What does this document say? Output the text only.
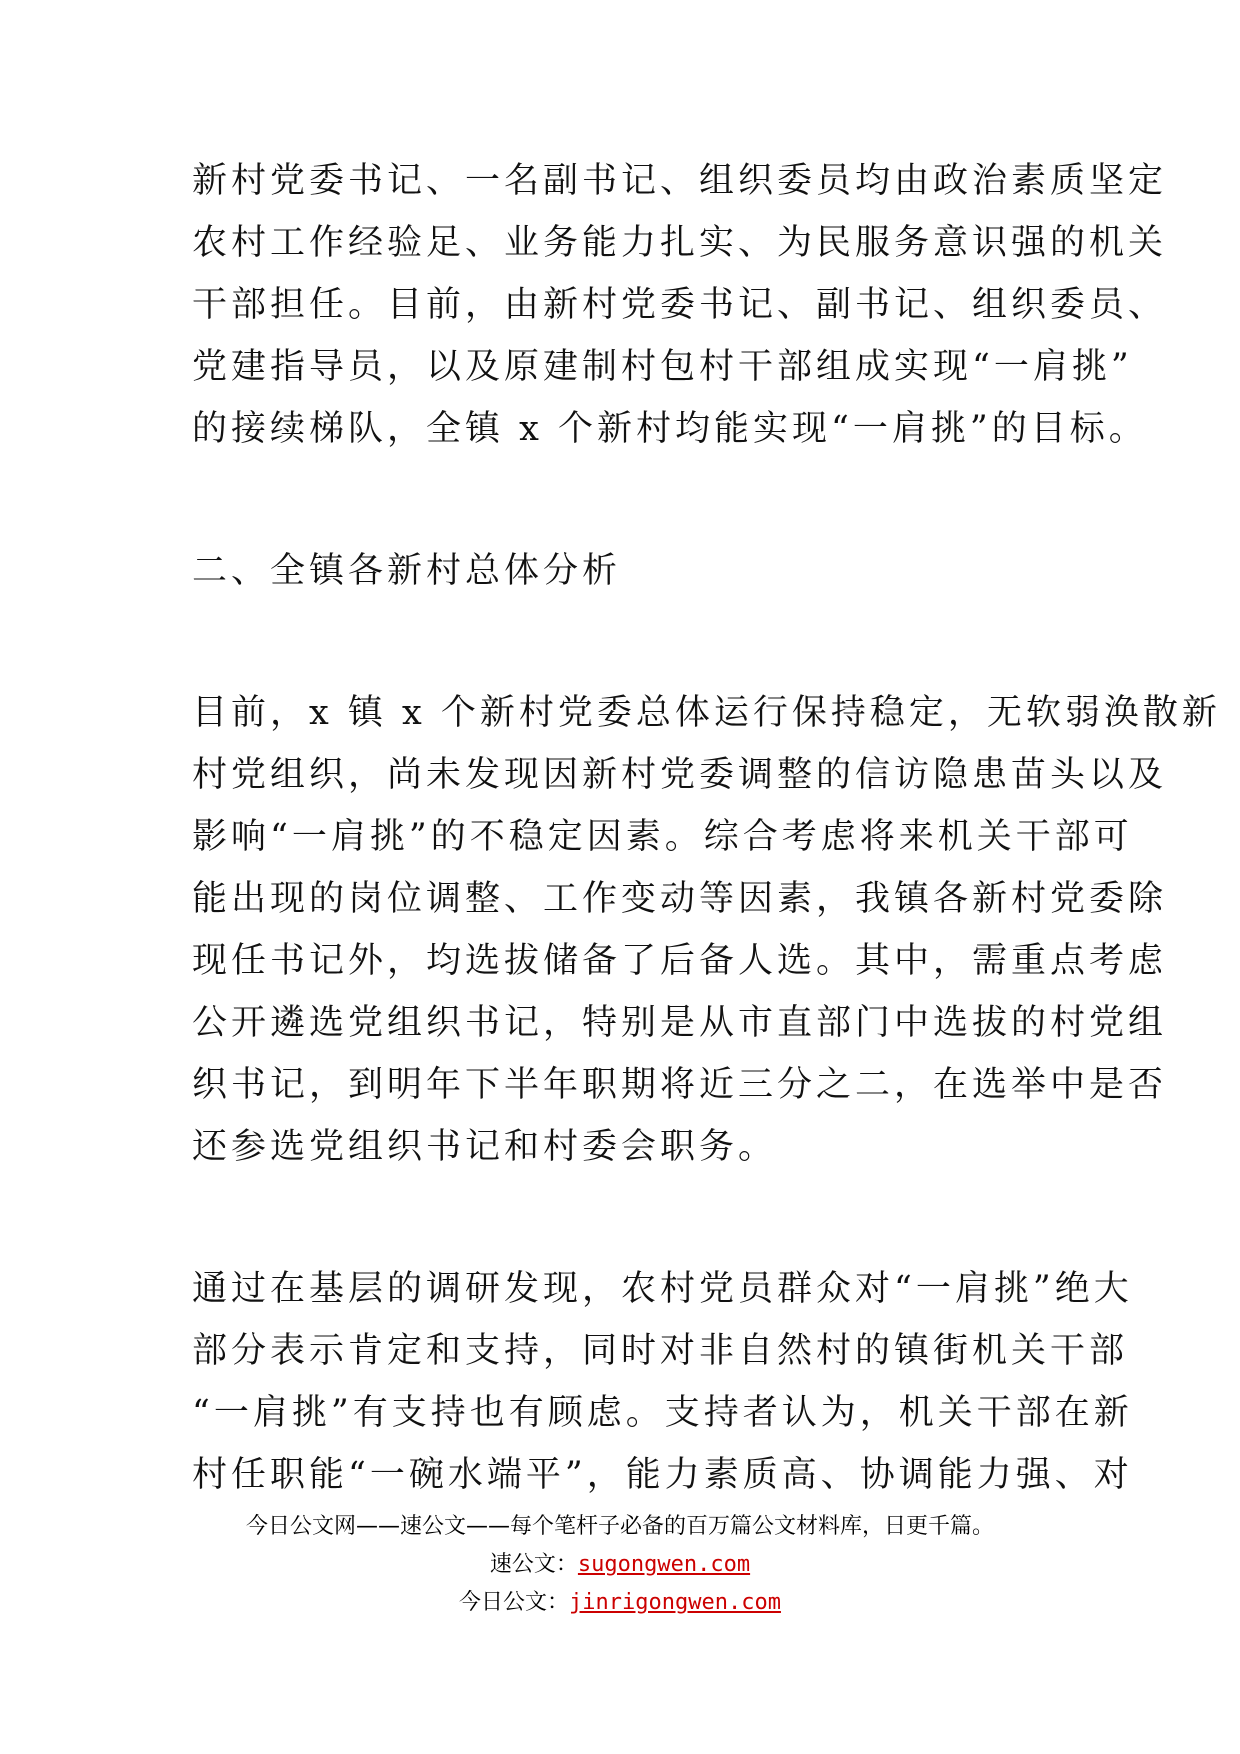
新村党委书记、一名副书记、组织委员均由政治素质坚定
农村工作经验足、业务能力扎实、为民服务意识强的机关
干部担任。目前，由新村党委书记、副书记、组织委员、
党建指导员，以及原建制村包村干部组成实现“一肩挑”
的接续梯队，全镇 x 个新村均能实现“一肩挑”的目标。
二、全镇各新村总体分析
目前，x 镇 x 个新村党委总体运行保持稳定，无软弱涣散新
村党组织，尚未发现因新村党委调整的信访隐患苗头以及
影响“一肩挑”的不稳定因素。综合考虑将来机关干部可
能出现的岗位调整、工作变动等因素，我镇各新村党委除
现任书记外，均选拔储备了后备人选。其中，需重点考虑
公开遴选党组织书记，特别是从市直部门中选拔的村党组
织书记，到明年下半年职期将近三分之二，在选举中是否
还参选党组织书记和村委会职务。
通过在基层的调研发现，农村党员群众对“一肩挑”绝大
部分表示肯定和支持，同时对非自然村的镇街机关干部
“一肩挑”有支持也有顾虑。支持者认为，机关干部在新
村任职能“一碗水端平”，能力素质高、协调能力强、对
今日公文网——速公文——每个笔杆子必备的百万篇公文材料库，日更千篇。
速公文：sugongwen.com
今日公文：jinrigongwen.com
